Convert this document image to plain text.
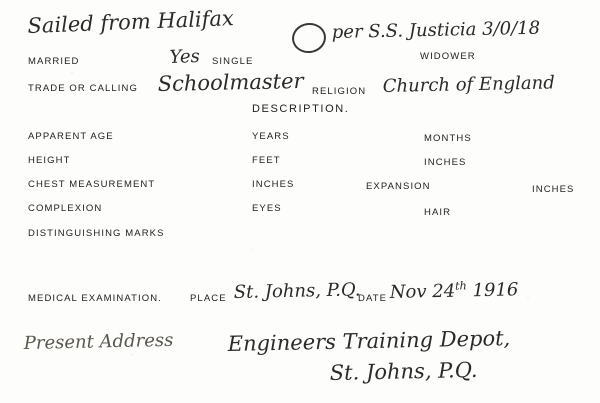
Sailed from Halifax	per S.S. Justicia 3/0/18
MARRIED	Yes SINGLE	WIDOWER
TRADE OR CALLING Schoolmaster RELIGION Church of England
DESCRIPTION.
APPARENT AGE	YEARS	MONTHS
HEIGHT	FEET	INCHES
CHEST MEASUREMENT	INCHES	EXPANSION	INCHES
COMPLEXION	EYES	HAIR
DISTINGUISHING MARKS
MEDICAL EXAMINATION.	PLACE St. Johns, P.Q.
DATE Nov 24th 1916
Present Address	Engineers Training Depot,
St. Johns, P.Q.
